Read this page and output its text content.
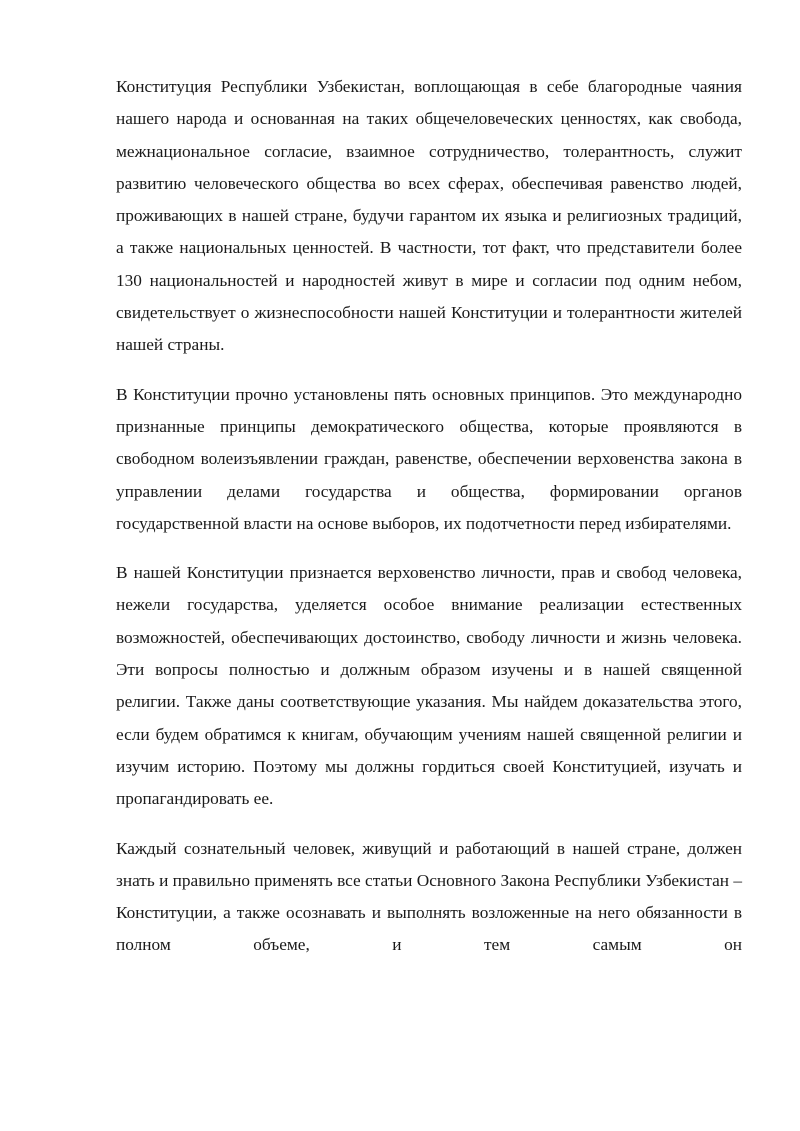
Конституция Республики Узбекистан, воплощающая в себе благородные чаяния нашего народа и основанная на таких общечеловеческих ценностях, как свобода, межнациональное согласие, взаимное сотрудничество, толерантность, служит развитию человеческого общества во всех сферах, обеспечивая равенство людей, проживающих в нашей стране, будучи гарантом их языка и религиозных традиций, а также национальных ценностей. В частности, тот факт, что представители более 130 национальностей и народностей живут в мире и согласии под одним небом, свидетельствует о жизнеспособности нашей Конституции и толерантности жителей нашей страны.

В Конституции прочно установлены пять основных принципов. Это международно признанные принципы демократического общества, которые проявляются в свободном волеизъявлении граждан, равенстве, обеспечении верховенства закона в управлении делами государства и общества, формировании органов государственной власти на основе выборов, их подотчетности перед избирателями.

В нашей Конституции признается верховенство личности, прав и свобод человека, нежели государства, уделяется особое внимание реализации естественных возможностей, обеспечивающих достоинство, свободу личности и жизнь человека. Эти вопросы полностью и должным образом изучены и в нашей священной религии. Также даны соответствующие указания. Мы найдем доказательства этого, если будем обратимся к книгам, обучающим учениям нашей священной религии и изучим историю. Поэтому мы должны гордиться своей Конституцией, изучать и пропагандировать ее.

Каждый сознательный человек, живущий и работающий в нашей стране, должен знать и правильно применять все статьи Основного Закона Республики Узбекистан – Конституции, а также осознавать и выполнять возложенные на него обязанности в полном объеме, и тем самым он
